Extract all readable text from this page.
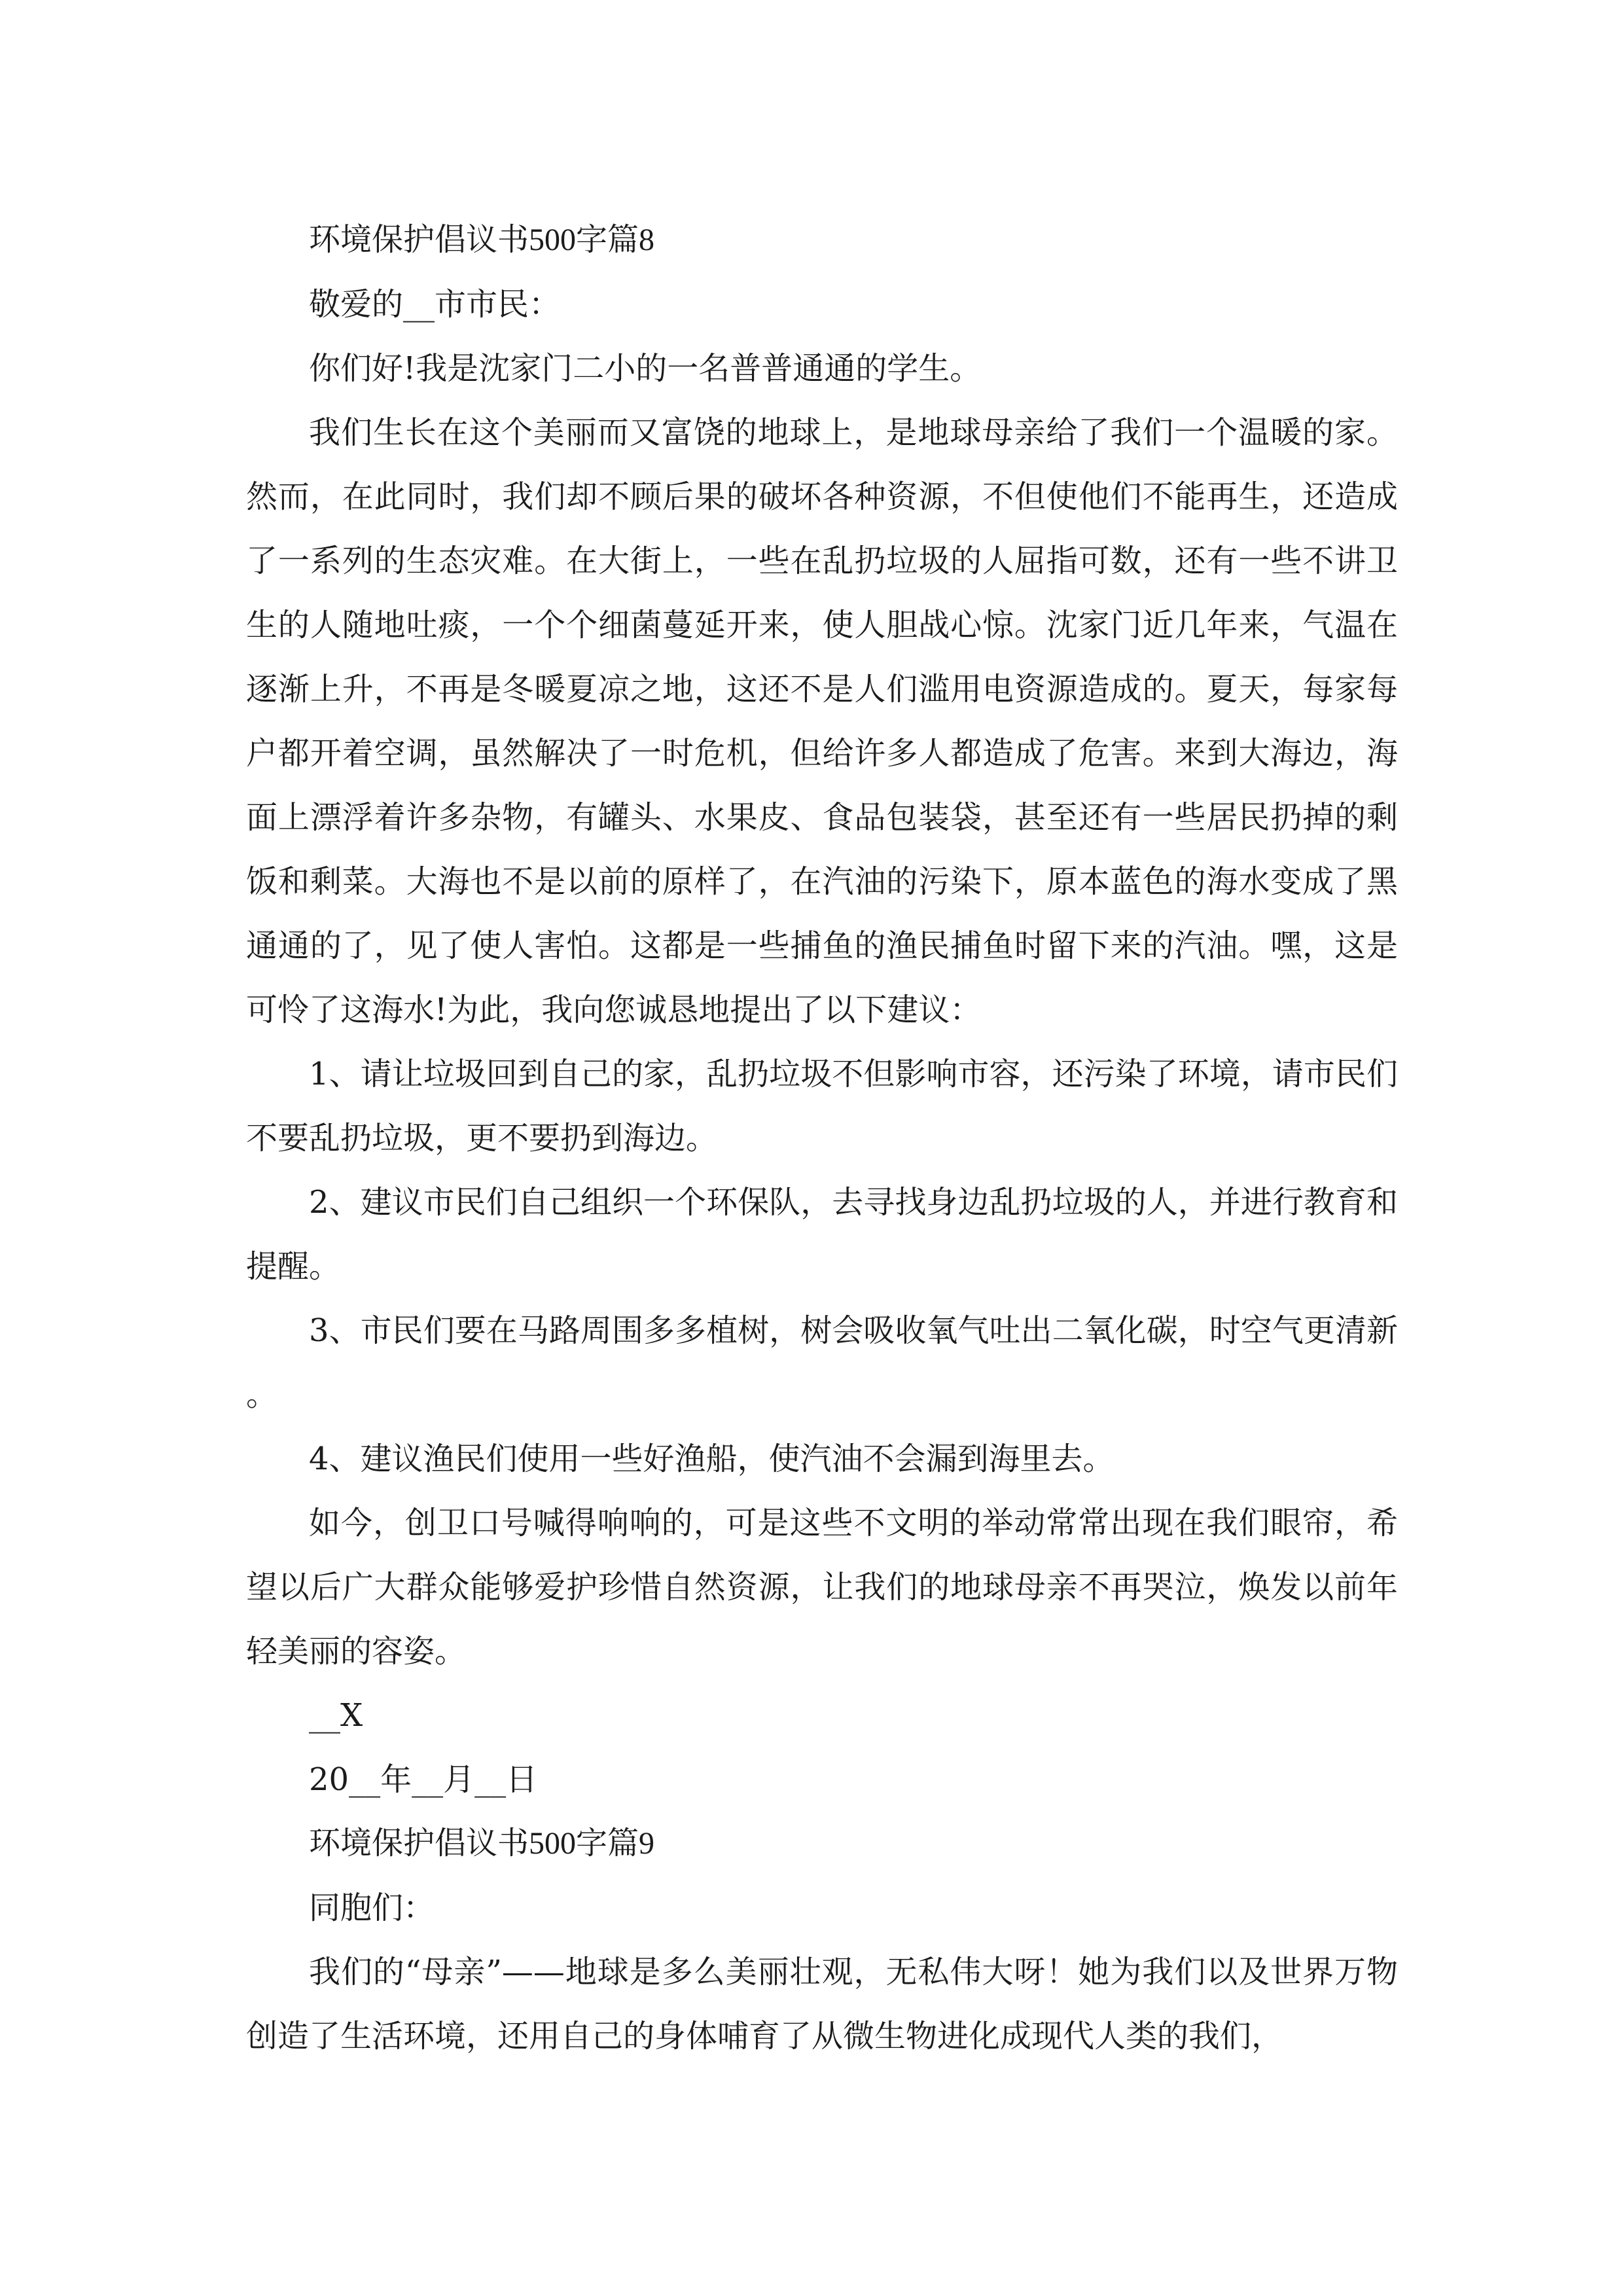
环境保护倡议书500字篇8

敬爱的__市市民：

你们好!我是沈家门二小的一名普普通通的学生。

我们生长在这个美丽而又富饶的地球上，是地球母亲给了我们一个温暖的家。然而，在此同时，我们却不顾后果的破坏各种资源，不但使他们不能再生，还造成了一系列的生态灾难。在大街上，一些在乱扔垃圾的人屈指可数，还有一些不讲卫生的人随地吐痰，一个个细菌蔓延开来，使人胆战心惊。沈家门近几年来，气温在逐渐上升，不再是冬暖夏凉之地，这还不是人们滥用电资源造成的。夏天，每家每户都开着空调，虽然解决了一时危机，但给许多人都造成了危害。来到大海边，海面上漂浮着许多杂物，有罐头、水果皮、食品包装袋，甚至还有一些居民扔掉的剩饭和剩菜。大海也不是以前的原样了，在汽油的污染下，原本蓝色的海水变成了黑通通的了，见了使人害怕。这都是一些捕鱼的渔民捕鱼时留下来的汽油。嘿，这是可怜了这海水!为此，我向您诚恳地提出了以下建议：

1、请让垃圾回到自己的家，乱扔垃圾不但影响市容，还污染了环境，请市民们不要乱扔垃圾，更不要扔到海边。

2、建议市民们自己组织一个环保队，去寻找身边乱扔垃圾的人，并进行教育和提醒。

3、市民们要在马路周围多多植树，树会吸收氧气吐出二氧化碳，时空气更清新。

4、建议渔民们使用一些好渔船，使汽油不会漏到海里去。

如今，创卫口号喊得响响的，可是这些不文明的举动常常出现在我们眼帘，希望以后广大群众能够爱护珍惜自然资源，让我们的地球母亲不再哭泣，焕发以前年轻美丽的容姿。

__X

20__年__月__日

环境保护倡议书500字篇9

同胞们：

我们的“母亲”——地球是多么美丽壮观，无私伟大呀！她为我们以及世界万物创造了生活环境，还用自己的身体哺育了从微生物进化成现代人类的我们，
